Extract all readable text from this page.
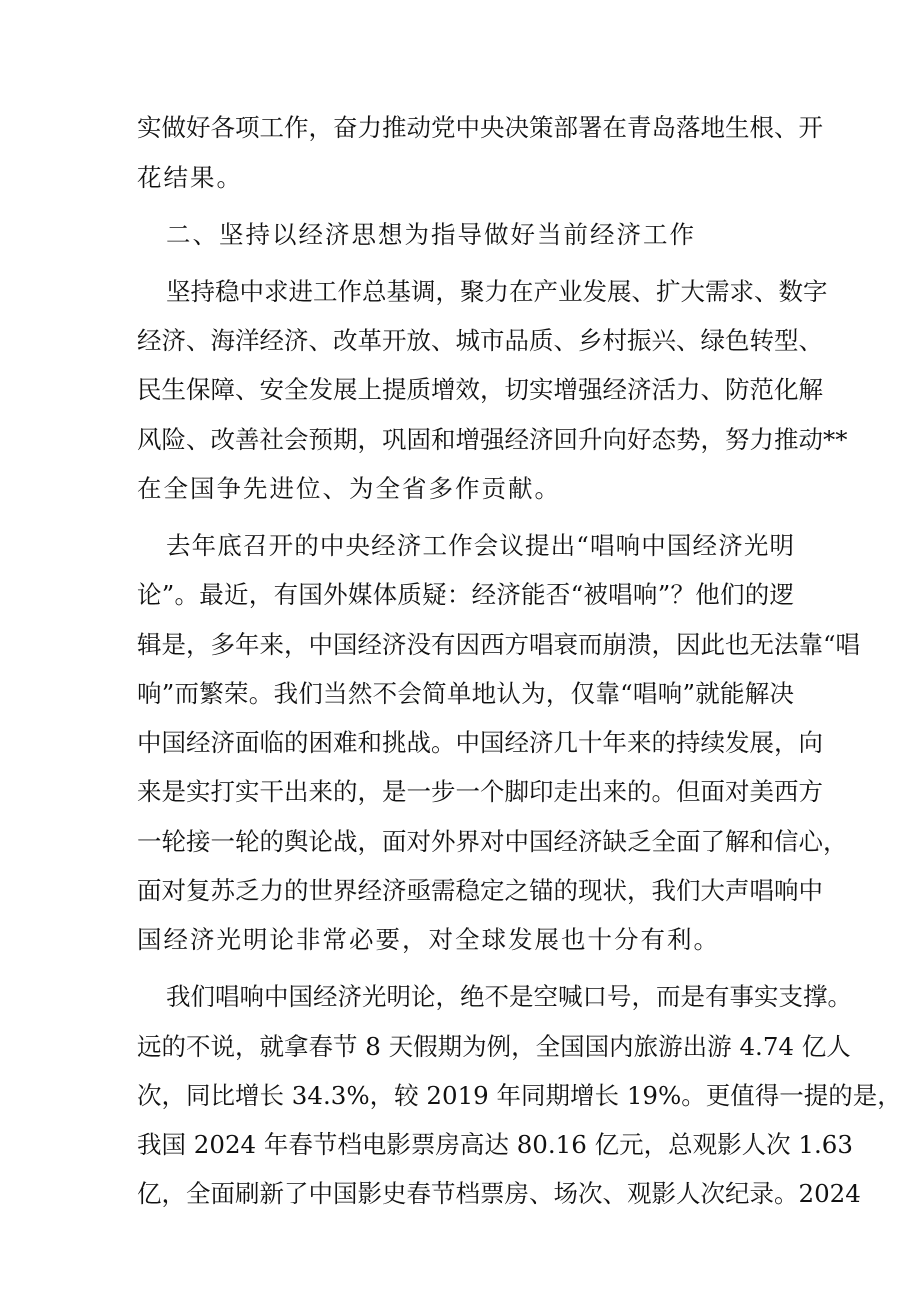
实做好各项工作，奋力推动党中央决策部署在青岛落地生根、开
花结果。
二、坚持以经济思想为指导做好当前经济工作
坚持稳中求进工作总基调，聚力在产业发展、扩大需求、数字
经济、海洋经济、改革开放、城市品质、乡村振兴、绿色转型、
民生保障、安全发展上提质增效，切实增强经济活力、防范化解
风险、改善社会预期，巩固和增强经济回升向好态势，努力推动**
在全国争先进位、为全省多作贡献。
去年底召开的中央经济工作会议提出“唱响中国经济光明
论”。最近，有国外媒体质疑：经济能否“被唱响”？他们的逻
辑是，多年来，中国经济没有因西方唱衰而崩溃，因此也无法靠“唱
响”而繁荣。我们当然不会简单地认为，仅靠“唱响”就能解决
中国经济面临的困难和挑战。中国经济几十年来的持续发展，向
来是实打实干出来的，是一步一个脚印走出来的。但面对美西方
一轮接一轮的舆论战，面对外界对中国经济缺乏全面了解和信心，
面对复苏乏力的世界经济亟需稳定之锚的现状，我们大声唱响中
国经济光明论非常必要，对全球发展也十分有利。
我们唱响中国经济光明论，绝不是空喊口号，而是有事实支撑。
远的不说，就拿春节 8 天假期为例，全国国内旅游出游 4.74 亿人
次，同比增长 34.3%，较 2019 年同期增长 19%。更值得一提的是，
我国 2024 年春节档电影票房高达 80.16 亿元，总观影人次 1.63
亿，全面刷新了中国影史春节档票房、场次、观影人次纪录。2024
